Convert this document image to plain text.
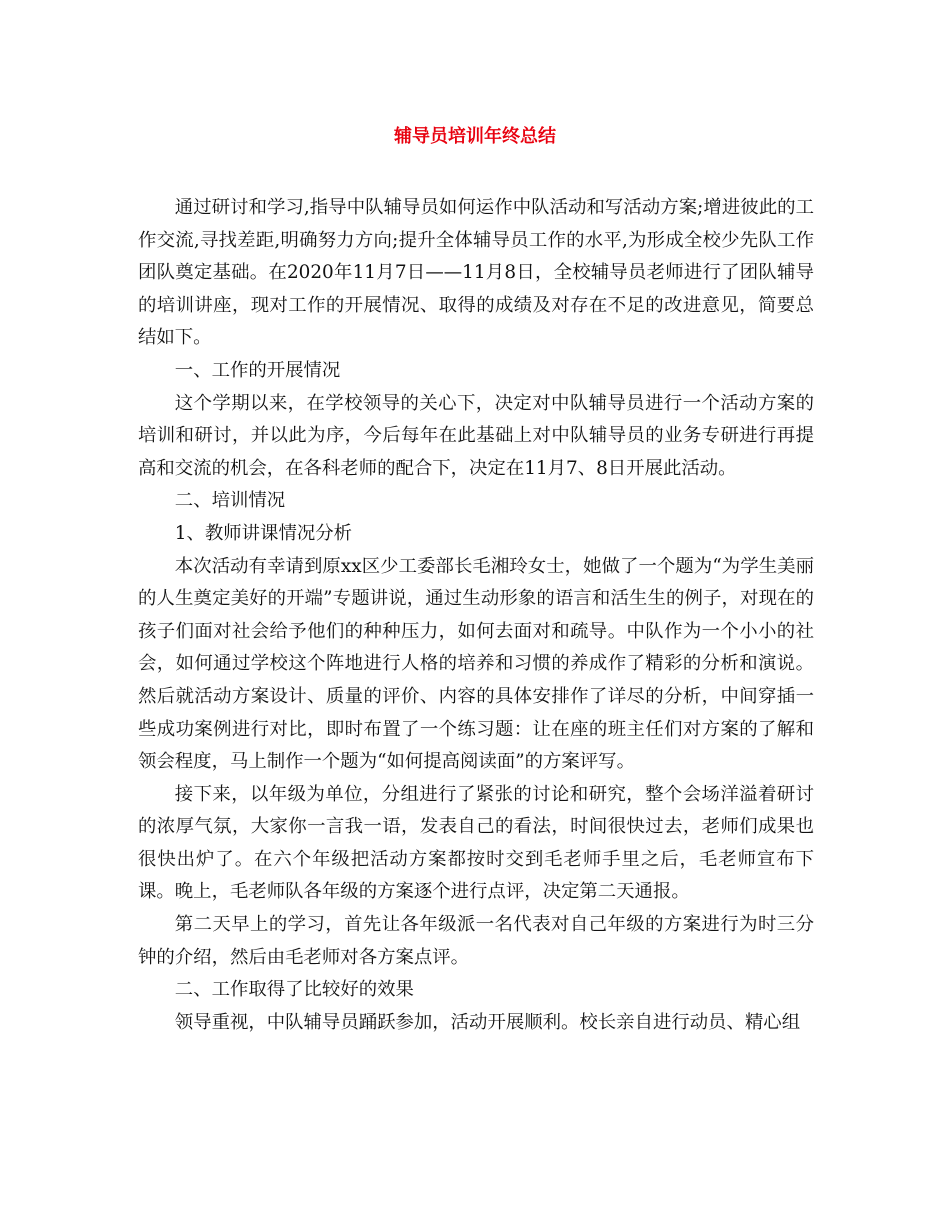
辅导员培训年终总结

通过研讨和学习,指导中队辅导员如何运作中队活动和写活动方案;增进彼此的工作交流,寻找差距,明确努力方向;提升全体辅导员工作的水平,为形成全校少先队工作团队奠定基础。在2020年11月7日——11月8日，全校辅导员老师进行了团队辅导的培训讲座，现对工作的开展情况、取得的成绩及对存在不足的改进意见，简要总结如下。

一、工作的开展情况

这个学期以来，在学校领导的关心下，决定对中队辅导员进行一个活动方案的培训和研讨，并以此为序，今后每年在此基础上对中队辅导员的业务专研进行再提高和交流的机会，在各科老师的配合下，决定在11月7、8日开展此活动。

二、培训情况

1、教师讲课情况分析

本次活动有幸请到原xx区少工委部长毛湘玲女士，她做了一个题为“为学生美丽的人生奠定美好的开端”专题讲说，通过生动形象的语言和活生生的例子，对现在的孩子们面对社会给予他们的种种压力，如何去面对和疏导。中队作为一个小小的社会，如何通过学校这个阵地进行人格的培养和习惯的养成作了精彩的分析和演说。然后就活动方案设计、质量的评价、内容的具体安排作了详尽的分析，中间穿插一些成功案例进行对比，即时布置了一个练习题：让在座的班主任们对方案的了解和领会程度，马上制作一个题为“如何提高阅读面”的方案评写。

接下来，以年级为单位，分组进行了紧张的讨论和研究，整个会场洋溢着研讨的浓厚气氛，大家你一言我一语，发表自己的看法，时间很快过去，老师们成果也很快出炉了。在六个年级把活动方案都按时交到毛老师手里之后，毛老师宣布下课。晚上，毛老师队各年级的方案逐个进行点评，决定第二天通报。

第二天早上的学习，首先让各年级派一名代表对自己年级的方案进行为时三分钟的介绍，然后由毛老师对各方案点评。

二、工作取得了比较好的效果

领导重视，中队辅导员踊跃参加，活动开展顺利。校长亲自进行动员、精心组
